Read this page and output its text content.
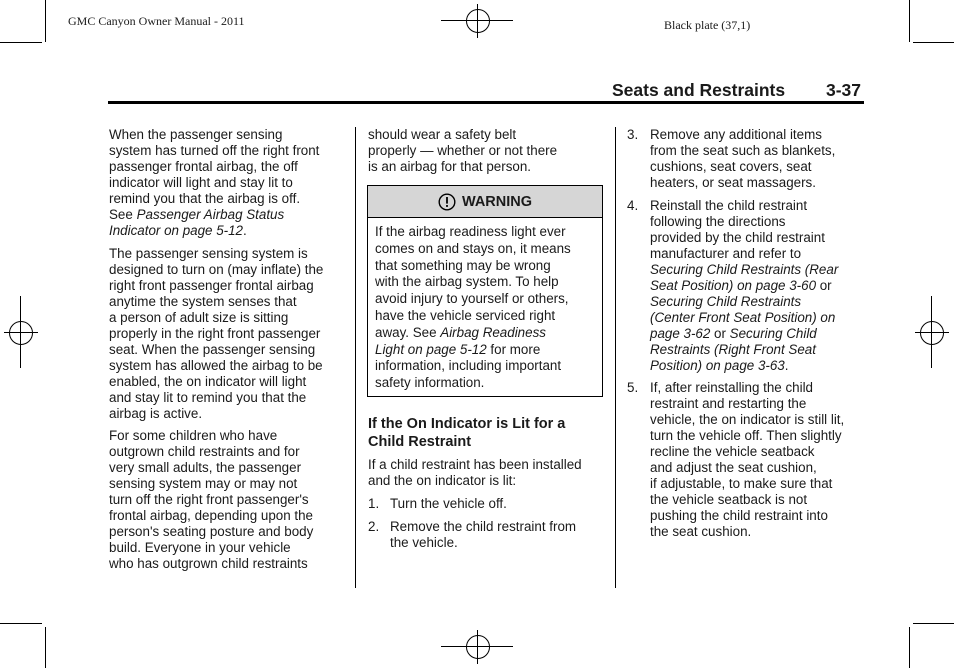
GMC Canyon Owner Manual - 2011	Black plate (37,1)
Seats and Restraints 3-37
When the passenger sensing
system has turned off the right front
passenger frontal airbag, the off
indicator will light and stay lit to
remind you that the airbag is off.
See Passenger Airbag Status
Indicator on page 5-12.
The passenger sensing system is
designed to turn on (may inflate) the
right front passenger frontal airbag
anytime the system senses that
a person of adult size is sitting
properly in the right front passenger
seat. When the passenger sensing
system has allowed the airbag to be
enabled, the on indicator will light
and stay lit to remind you that the
airbag is active.
For some children who have
outgrown child restraints and for
very small adults, the passenger
sensing system may or may not
turn off the right front passenger's
frontal airbag, depending upon the
person's seating posture and body
build. Everyone in your vehicle
who has outgrown child restraints
should wear a safety belt
properly — whether or not there
is an airbag for that person.
WARNING
If the airbag readiness light ever
comes on and stays on, it means
that something may be wrong
with the airbag system. To help
avoid injury to yourself or others,
have the vehicle serviced right
away. See Airbag Readiness
Light on page 5-12 for more
information, including important
safety information.
If the On Indicator is Lit for a
Child Restraint
If a child restraint has been installed
and the on indicator is lit:
1. Turn the vehicle off.
2. Remove the child restraint from
the vehicle.
3. Remove any additional items
from the seat such as blankets,
cushions, seat covers, seat
heaters, or seat massagers.
4. Reinstall the child restraint
following the directions
provided by the child restraint
manufacturer and refer to
Securing Child Restraints (Rear
Seat Position) on page 3-60 or
Securing Child Restraints
(Center Front Seat Position) on
page 3-62 or Securing Child
Restraints (Right Front Seat
Position) on page 3-63.
5. If, after reinstalling the child
restraint and restarting the
vehicle, the on indicator is still lit,
turn the vehicle off. Then slightly
recline the vehicle seatback
and adjust the seat cushion,
if adjustable, to make sure that
the vehicle seatback is not
pushing the child restraint into
the seat cushion.
